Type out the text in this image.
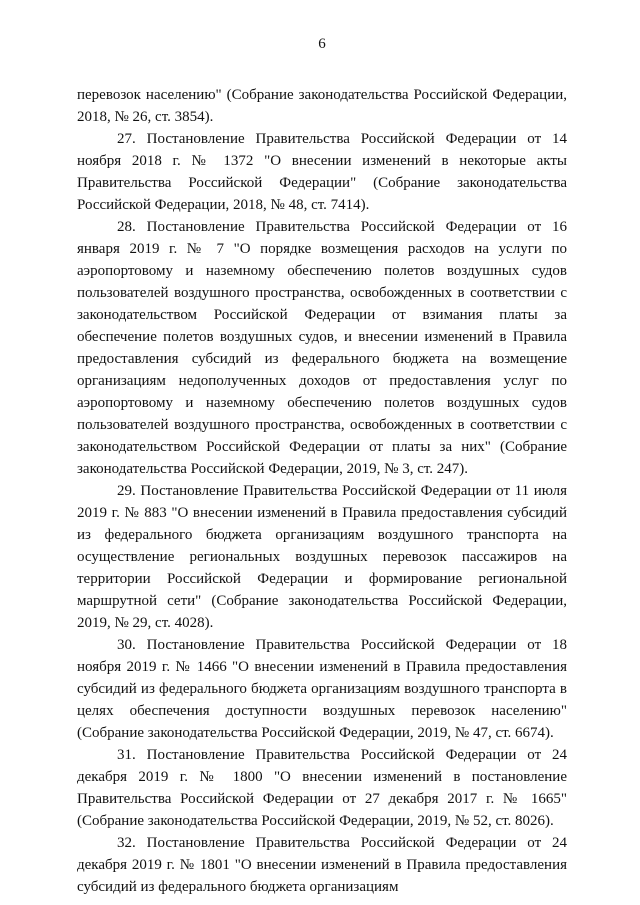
6

перевозок населению" (Собрание законодательства Российской Федерации, 2018, № 26, ст. 3854).

27. Постановление Правительства Российской Федерации от 14 ноября 2018 г. № 1372 "О внесении изменений в некоторые акты Правительства Российской Федерации" (Собрание законодательства Российской Федерации, 2018, № 48, ст. 7414).

28. Постановление Правительства Российской Федерации от 16 января 2019 г. № 7 "О порядке возмещения расходов на услуги по аэропортовому и наземному обеспечению полетов воздушных судов пользователей воздушного пространства, освобожденных в соответствии с законодательством Российской Федерации от взимания платы за обеспечение полетов воздушных судов, и внесении изменений в Правила предоставления субсидий из федерального бюджета на возмещение организациям недополученных доходов от предоставления услуг по аэропортовому и наземному обеспечению полетов воздушных судов пользователей воздушного пространства, освобожденных в соответствии с законодательством Российской Федерации от платы за них" (Собрание законодательства Российской Федерации, 2019, № 3, ст. 247).

29. Постановление Правительства Российской Федерации от 11 июля 2019 г. № 883 "О внесении изменений в Правила предоставления субсидий из федерального бюджета организациям воздушного транспорта на осуществление региональных воздушных перевозок пассажиров на территории Российской Федерации и формирование региональной маршрутной сети" (Собрание законодательства Российской Федерации, 2019, № 29, ст. 4028).

30. Постановление Правительства Российской Федерации от 18 ноября 2019 г. № 1466 "О внесении изменений в Правила предоставления субсидий из федерального бюджета организациям воздушного транспорта в целях обеспечения доступности воздушных перевозок населению" (Собрание законодательства Российской Федерации, 2019, № 47, ст. 6674).

31. Постановление Правительства Российской Федерации от 24 декабря 2019 г. № 1800 "О внесении изменений в постановление Правительства Российской Федерации от 27 декабря 2017 г. № 1665" (Собрание законодательства Российской Федерации, 2019, № 52, ст. 8026).

32. Постановление Правительства Российской Федерации от 24 декабря 2019 г. № 1801 "О внесении изменений в Правила предоставления субсидий из федерального бюджета организациям
